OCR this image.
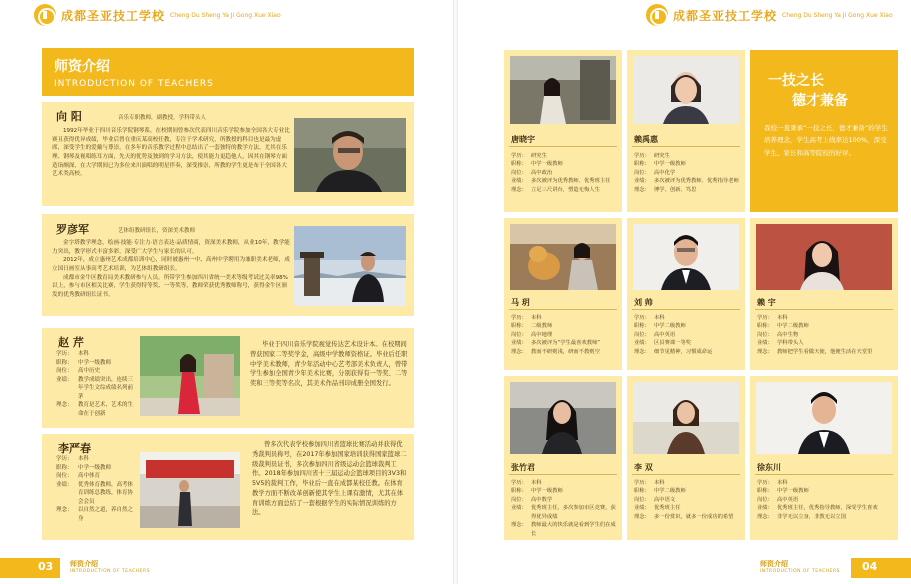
成都圣亚技工学校 Cheng Du Sheng Ya Ji Gong Xue Xiao	成都圣亚技工学校 Cheng Du Sheng Ya Ji Gong Xue Xiao
师资介绍
INTRODUCTION OF TEACHERS
向 阳	音乐专职教师，副教授，学科带头人
1992年毕业于四川音乐学院钢琴系，在校期间曾参次代表四川音乐学院参加全国各大专业比赛且获得优异成绩，毕业后曾在重庆某高校任教，专注于学术研究，所教授的科目也是最为虚席，深受学生的爱戴与尊崇，在多年的音乐教学过程中总结出了一套独特的教学方法，尤其在乐理、钢琴及视唱练耳方面，先天的优势及独到的学习方法，使其能力更趋他人，因其在钢琴方面造诣颇深，在大学期间已为多位来川演唱的明星伴奏，深受推崇，所教的学生更是布于全国各大艺术类高校。
罗彦军	艺体组教研组长，资深美术教师
金字塔教学理念，绘画·技能·专注力·语言表达·品质情商，资深美术教师，从业10年，教学能力突出，教学形式丰富多彩，深受广大学生与家长的认可。
2012年，成立惠州艺术成都培训中心，同时被惠州一中、高州中学聘用为兼职美术老师，成立国日画室从事高考艺术培训，为艺体组教研组长。
成都市金牛区教育局美术教研参与人员。所带学生参加四川省统一美术等级考试过关率98%以上，参与市区相关比赛，学生获得特等奖、一等奖等，教师荣获优秀教师称号，获得金牛区颁发的优秀教研组长证书。
赵 芹
学历： 本科
职称： 中学一级教师
岗位： 高中历史
业绩： 教学成绩突出，连续三年学生文综成绩名列前茅
理念： 教育是艺术，艺术的生命在于创新
毕业于四川音乐学院视觉传达艺术设计本。在校期间曾获国家二等奖学金，高级中学教师资格证。毕业后任职中学美术教师，青少年活动中心艺考部美术负责人，曾带学生参加全国青少年美术比赛，分别获得有一等奖、二等奖和三等奖等名次，其美术作品刊印成册全国发行。
李严春
学历： 本科
职称： 中学一级教师
岗位： 高中体育
业绩： 优秀体育教师，高考体育训练总教练，体育协会会员
理念： 以自然之道，养自然之身
曾多次代表学校参加四川省篮球比赛活动并获得优秀裁判员称号，在2017年参加国家培训获得国家篮球二级裁判员证书，多次参加四川省级运动会篮球裁判工作。2018年参加四川省十三届运动会篮球项目的3V3和5V5的裁判工作，毕业后一直在成都某校任教。在体育教学方面不断改革创新使其学生上课有激情，尤其在体育训练方面总结了一套根据学生的实际情况训练的方法。
03 师资介绍
INTRODUCTION OF TEACHERS
唐晓宇
学历： 研究生
职称： 中学一级教师
岗位： 高中政治
业绩： 多次被评为优秀教师、优秀班主任
理念： 立足三尺讲台，塑造无悔人生
赖禹惠
学历： 研究生
职称： 中学一级教师
岗位： 高中化学
业绩： 多次被评为优秀教师、优秀指导老师
理念： 博学、创新、笃思
一技之长
德才兼备
我校一直秉承“一技之长，德才兼备”的学生培养理念，学生高考上线率达100%，深受学生、家长和高等院校的好评。
马 玥
学历： 本科
职称： 二级教师
岗位： 高中地理
业绩： 多次被评为“学生最喜欢教师”
理念： 教而不研则浅，研而不教则空
刘 帅
学历： 本科
职称： 中学二级教师
岗位： 高中英语
业绩： 区县赛课一等奖
理念： 细节见精神，习惯成命运
赖 宇
学历： 本科
职称： 中学二级教师
岗位： 高中生物
业绩： 学科带头人
理念： 教师把学生看做天使，他便生活在天堂里
张竹君
学历： 本科
职称： 中学一级教师
岗位： 高中数学
业绩： 优秀班主任，多次参加市区竞赛，获得优异成绩
理念： 教师最大的快乐就是看到学生们在成长
李 双
学历： 本科
职称： 中学二级教师
岗位： 高中语文
业绩： 优秀班主任
理念： 多一份赏识，就多一份成功的希望
徐东川
学历： 本科
职称： 中学一级教师
岗位： 高中英语
业绩： 优秀班主任，优秀指导教师，深受学生喜欢
理念： 非学无以立身，非教无以立国
师资介绍
INTRODUCTION OF TEACHERS 04
